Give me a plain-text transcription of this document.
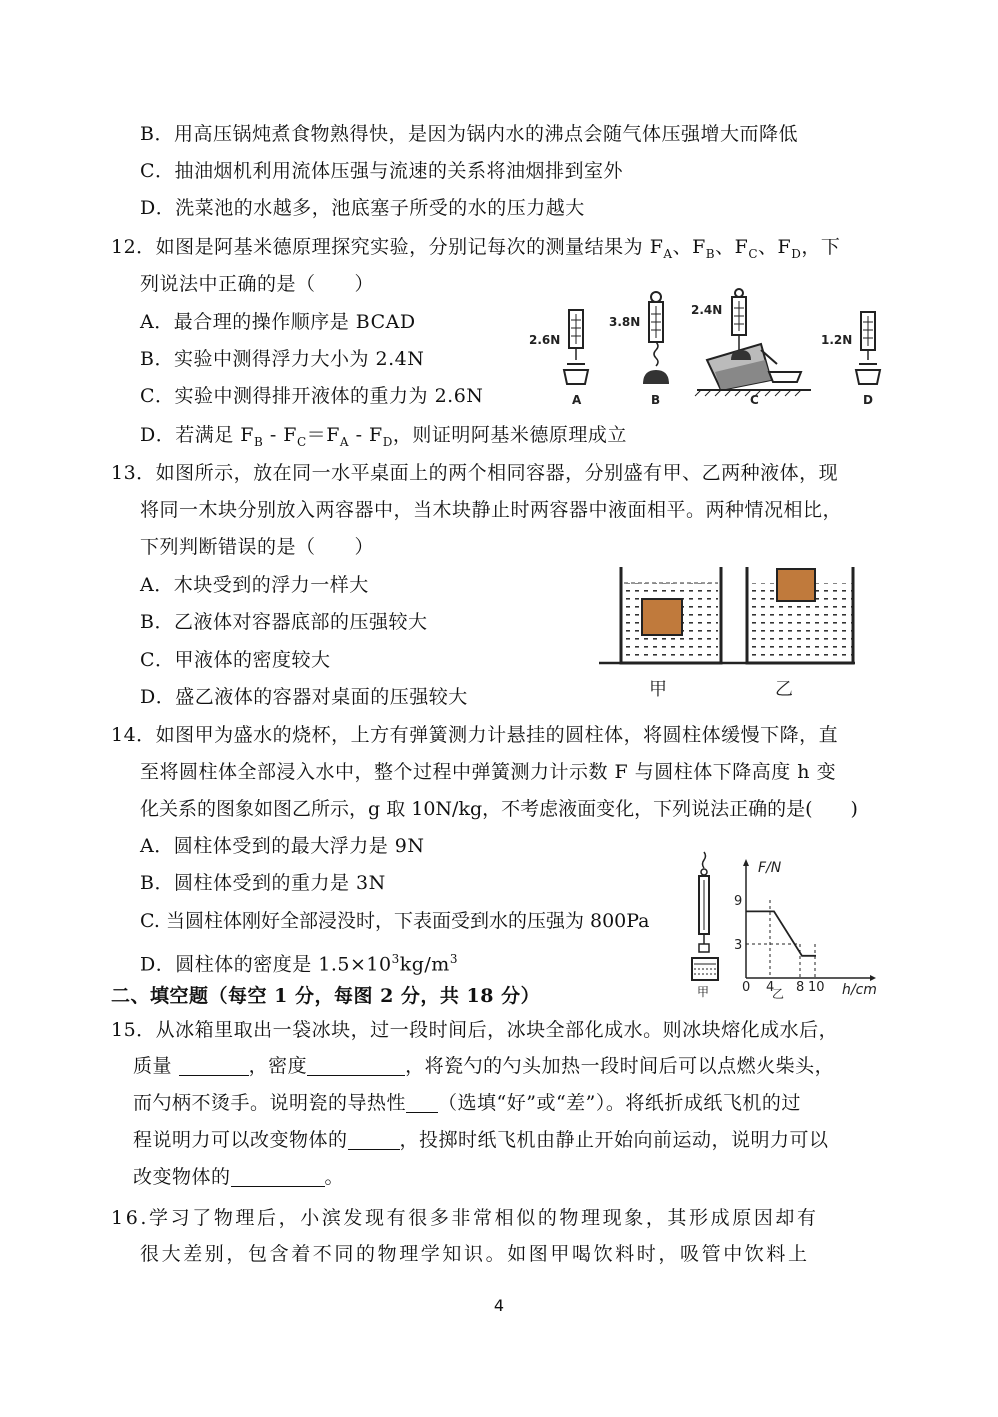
B．用高压锅炖煮食物熟得快，是因为锅内水的沸点会随气体压强增大而降低
C．抽油烟机利用流体压强与流速的关系将油烟排到室外
D．洗菜池的水越多，池底塞子所受的水的压力越大
12．如图是阿基米德原理探究实验，分别记每次的测量结果为 $F_A$、$F_B$、$F_C$、$F_D$，下
列说法中正确的是（　　）
A．最合理的操作顺序是 BCAD
B．实验中测得浮力大小为 2.4N
C．实验中测得排开液体的重力为 2.6N
D．若满足 $F_B - F_C=F_A - F_D$，则证明阿基米德原理成立
2.6N
A
3.8N
B
2.4N
C
1.2N
D
13．如图所示，放在同一水平桌面上的两个相同容器，分别盛有甲、乙两种液体，现
将同一木块分别放入两容器中，当木块静止时两容器中液面相平。两种情况相比，
下列判断错误的是（　　）
A．木块受到的浮力一样大
B．乙液体对容器底部的压强较大
C．甲液体的密度较大
D．盛乙液体的容器对桌面的压强较大	甲	乙
14．如图甲为盛水的烧杯，上方有弹簧测力计悬挂的圆柱体，将圆柱体缓慢下降，直
至将圆柱体全部浸入水中，整个过程中弹簧测力计示数 F 与圆柱体下降高度 h 变
化关系的图象如图乙所示，g 取 10N/kg，不考虑液面变化，下列说法正确的是(　　)
A．圆柱体受到的最大浮力是 9N
B．圆柱体受到的重力是 3N
C. 当圆柱体刚好全部浸没时，下表面受到水的压强为 800Pa
D．圆柱体的密度是 $1.5\times 10^3kg/m^3$
甲
F/N
h/cm
9
3
0 4 8 10
乙
二、填空题（每空 1 分，每图 2 分，共 18 分）
15．从冰箱里取出一袋冰块，过一段时间后，冰块全部化成水。则冰块熔化成水后，
质量	，密度	，将瓷勺的勺头加热一段时间后可以点燃火柴头，
而勺柄不烫手。说明瓷的导热性 （选填“好”或“差”）。将纸折成纸飞机的过
程说明力可以改变物体的	，投掷时纸飞机由静止开始向前运动，说明力可以
改变物体的	。
16.学习了物理后，小滨发现有很多非常相似的物理现象，其形成原因却有
很大差别，包含着不同的物理学知识。如图甲喝饮料时，吸管中饮料上
4
